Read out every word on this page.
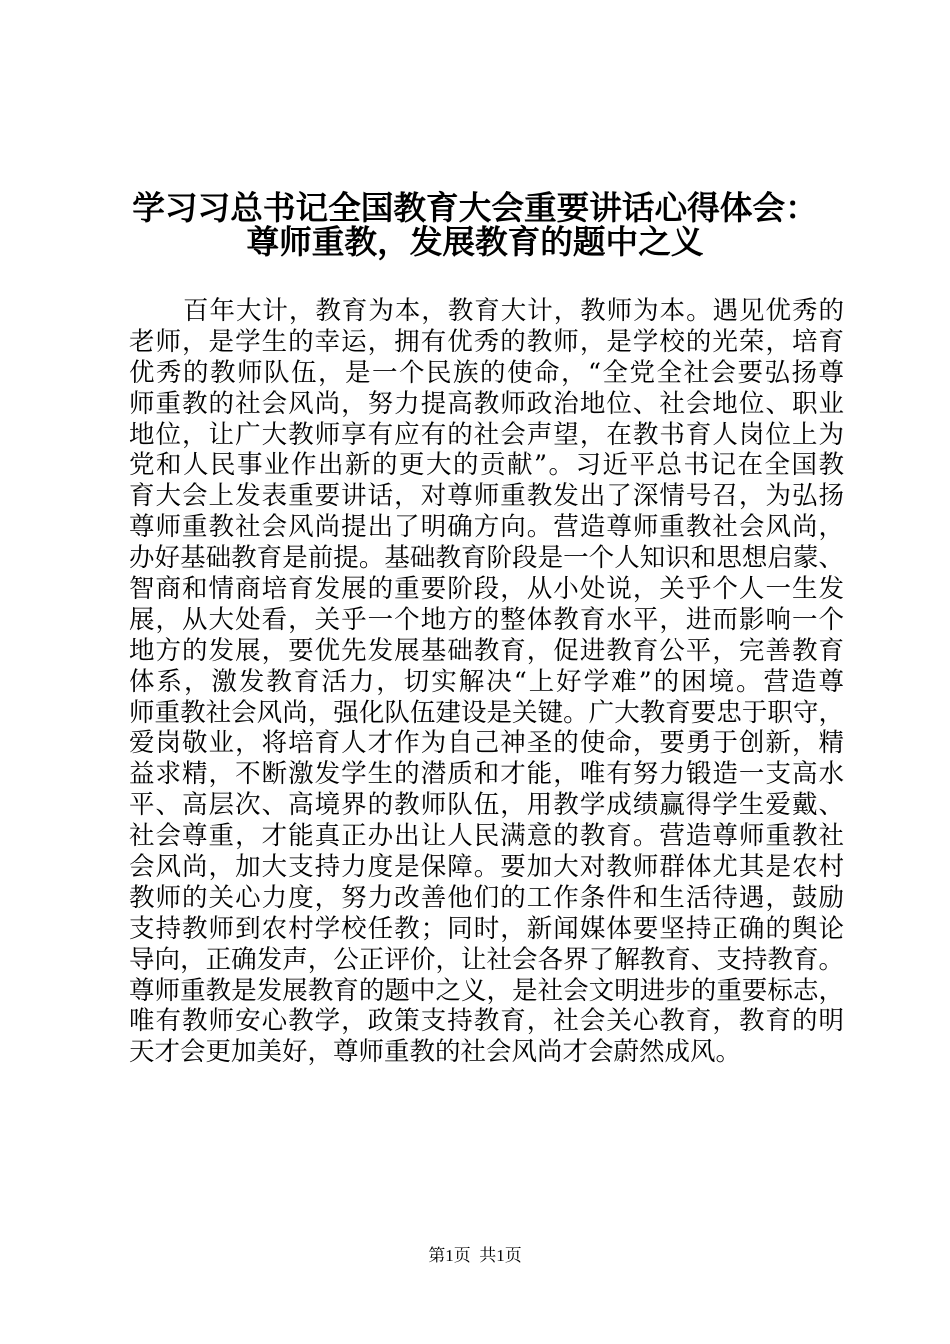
学习习总书记全国教育大会重要讲话心得体会：
尊师重教，发展教育的题中之义
百年大计，教育为本，教育大计，教师为本。遇见优秀的
老师，是学生的幸运，拥有优秀的教师，是学校的光荣，培育
优秀的教师队伍，是一个民族的使命，“全党全社会要弘扬尊
师重教的社会风尚，努力提高教师政治地位、社会地位、职业
地位，让广大教师享有应有的社会声望，在教书育人岗位上为
党和人民事业作出新的更大的贡献”。习近平总书记在全国教
育大会上发表重要讲话，对尊师重教发出了深情号召，为弘扬
尊师重教社会风尚提出了明确方向。营造尊师重教社会风尚，
办好基础教育是前提。基础教育阶段是一个人知识和思想启蒙、
智商和情商培育发展的重要阶段，从小处说，关乎个人一生发
展，从大处看，关乎一个地方的整体教育水平，进而影响一个
地方的发展，要优先发展基础教育，促进教育公平，完善教育
体系，激发教育活力，切实解决“上好学难”的困境。营造尊
师重教社会风尚，强化队伍建设是关键。广大教育要忠于职守，
爱岗敬业，将培育人才作为自己神圣的使命，要勇于创新，精
益求精，不断激发学生的潜质和才能，唯有努力锻造一支高水
平、高层次、高境界的教师队伍，用教学成绩赢得学生爱戴、
社会尊重，才能真正办出让人民满意的教育。营造尊师重教社
会风尚，加大支持力度是保障。要加大对教师群体尤其是农村
教师的关心力度，努力改善他们的工作条件和生活待遇，鼓励
支持教师到农村学校任教；同时，新闻媒体要坚持正确的舆论
导向，正确发声，公正评价，让社会各界了解教育、支持教育。
尊师重教是发展教育的题中之义，是社会文明进步的重要标志，
唯有教师安心教学，政策支持教育，社会关心教育，教育的明
天才会更加美好，尊师重教的社会风尚才会蔚然成风。
第1页  共1页
